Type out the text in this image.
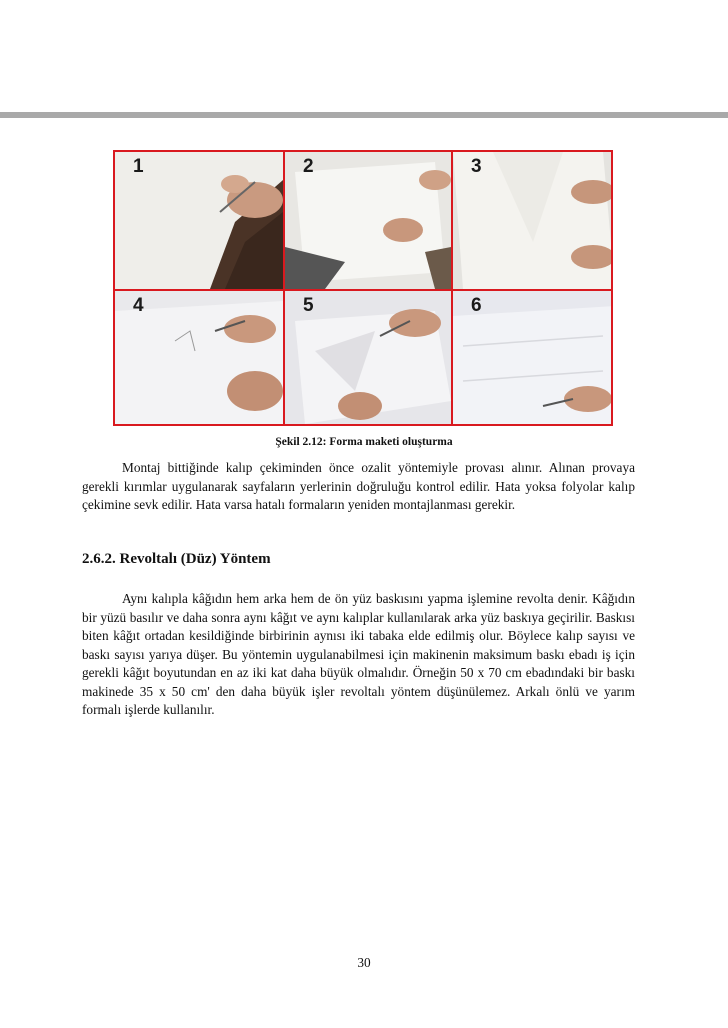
1	2	3
4	5	6
Şekil 2.12: Forma maketi oluşturma

Montaj bittiğinde kalıp çekiminden önce ozalit yöntemiyle provası alınır. Alınan provaya gerekli kırımlar uygulanarak sayfaların yerlerinin doğruluğu kontrol edilir. Hata yoksa folyolar kalıp çekimine sevk edilir. Hata varsa hatalı formaların yeniden montajlanması gerekir.

2.6.2. Revoltalı (Düz) Yöntem

Aynı kalıpla kâğıdın hem arka hem de ön yüz baskısını yapma işlemine revolta denir. Kâğıdın bir yüzü basılır ve daha sonra aynı kâğıt ve aynı kalıplar kullanılarak arka yüz baskıya geçirilir. Baskısı biten kâğıt ortadan kesildiğinde birbirinin aynısı iki tabaka elde edilmiş olur. Böylece kalıp sayısı ve baskı sayısı yarıya düşer. Bu yöntemin uygulanabilmesi için makinenin maksimum baskı ebadı iş için gerekli kâğıt boyutundan en az iki kat daha büyük olmalıdır. Örneğin 50 x 70 cm ebadındaki bir baskı makinede 35 x 50 cm' den daha büyük işler revoltalı yöntem düşünülemez. Arkalı önlü ve yarım formalı işlerde kullanılır.

30
